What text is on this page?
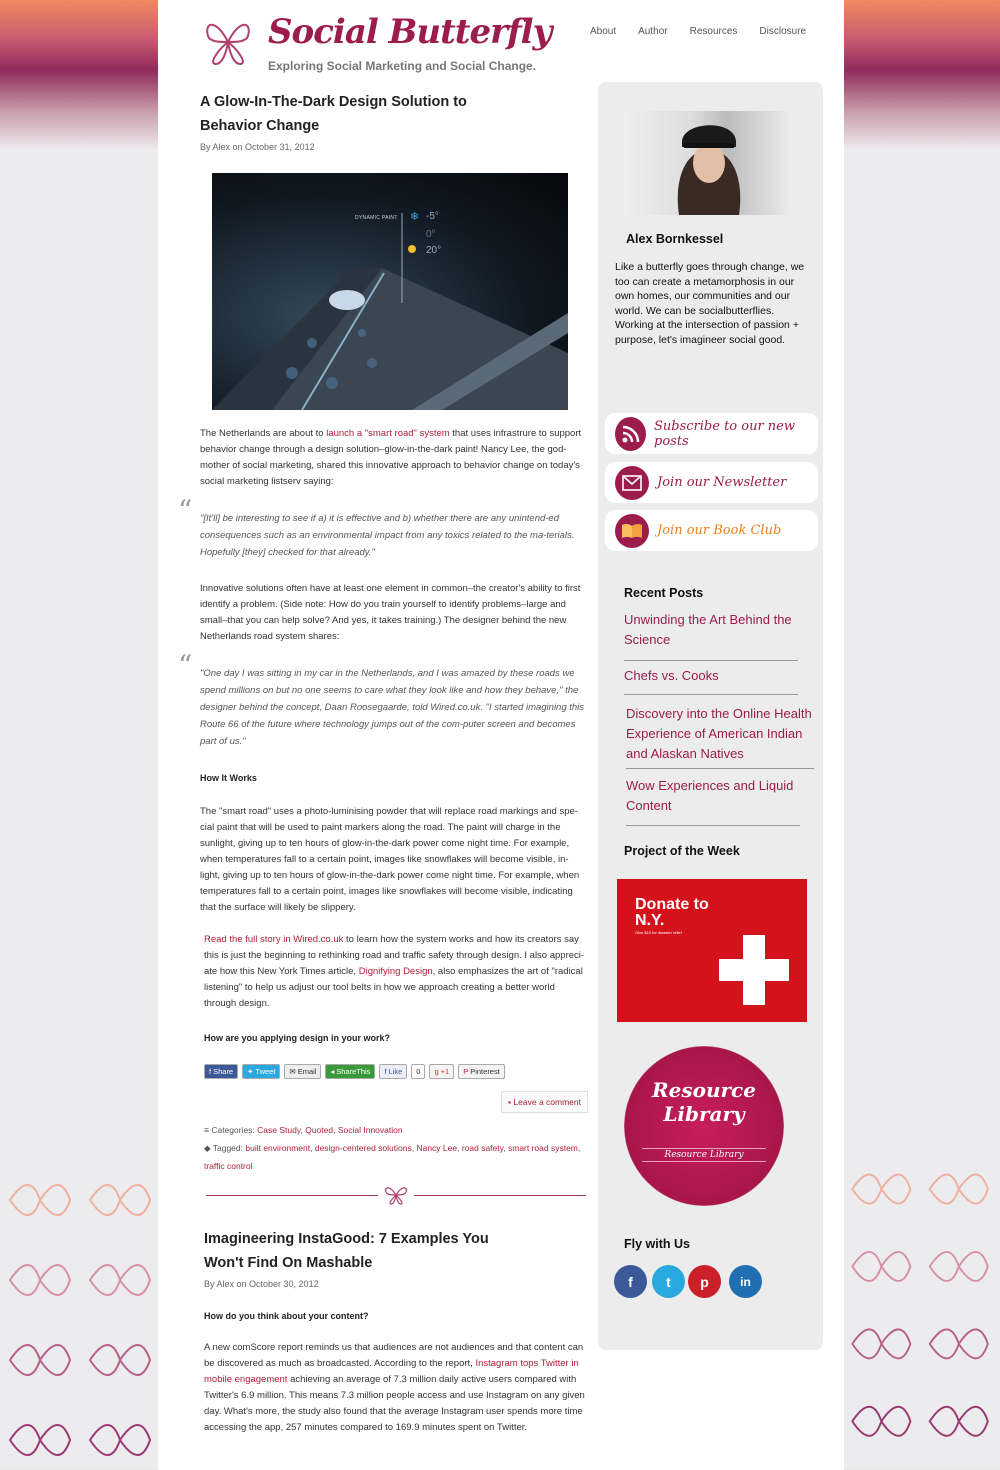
Social Butterfly
Exploring Social Marketing and Social Change.
About Author Resources Disclosure
A Glow-In-The-Dark Design Solution to Behavior Change
By Alex on October 31, 2012
❄
DYNAMIC PAINT	-5°
0°
20°

The Netherlands are about to launch a "smart road" system that uses infrastrure to support behavior change through a design solution–glow-in-the-dark paint! Nancy Lee, the god-mother of social marketing, shared this innovative approach to behavior change on today's social marketing listserv saying:

“ "[It'll] be interesting to see if a) it is effective and b) whether there are any unintend-ed consequences such as an environmental impact from any toxics related to the ma-terials. Hopefully [they] checked for that already."

Innovative solutions often have at least one element in common–the creator's ability to first identify a problem. (Side note: How do you train yourself to identify problems–large and small–that you can help solve? And yes, it takes training.) The designer behind the new Netherlands road system shares:

“ "One day I was sitting in my car in the Netherlands, and I was amazed by these roads we spend millions on but no one seems to care what they look like and how they behave," the designer behind the concept, Daan Roosegaarde, told Wired.co.uk. "I started imagining this Route 66 of the future where technology jumps out of the com-puter screen and becomes part of us."
How It Works

The "smart road" uses a photo-luminising powder that will replace road markings and spe-cial paint that will be used to paint markers along the road. The paint will charge in the sunlight, giving up to ten hours of glow-in-the-dark power come night time. For example, when temperatures fall to a certain point, images like snowflakes will become visible, in-light, giving up to ten hours of glow-in-the-dark power come night time. For example, when temperatures fall to a certain point, images like snowflakes will become visible, indicating that the surface will likely be slippery.

Read the full story in Wired.co.uk to learn how the system works and how its creators say this is just the beginning to rethinking road and traffic safety through design. I also appreci-ate how this New York Times article, Dignifying Design, also emphasizes the art of "radical listening" to help us adjust our tool belts in how we approach creating a better world through design.

How are you applying design in your work?
f Share ✦ Tweet ✉ Email ◂ ShareThis f Like	0	g +1 P Pinterest
▪ Leave a comment
≡ Categories: Case Study, Quoted, Social Innovation
◆ Tagged: built environment, design-centered solutions, Nancy Lee, road safety, smart road system, traffic control
Imagineering InstaGood: 7 Examples You Won't Find On Mashable
By Alex on October 30, 2012
How do you think about your content?

A new comScore report reminds us that audiences are not audiences and that content can be discovered as much as broadcasted. According to the report, Instagram tops Twitter in mobile engagement achieving an average of 7.3 million daily active users compared with Twitter's 6.9 million. This means 7.3 million people access and use Instagram on any given day. What's more, the study also found that the average Instagram user spends more time accessing the app, 257 minutes compared to 169.9 minutes spent on Twitter.

Alex Bornkessel
Like a butterfly goes through change, we too can create a metamorphosis in our own homes, our communities and our world. We can be socialbutterflies. Working at the intersection of passion + purpose, let's imagineer social good.
Subscribe to our new posts
Join our Newsletter
Join our Book Club
Recent Posts
Unwinding the Art Behind the Science
Chefs vs. Cooks
Discovery into the Online Health Experience of American Indian and Alaskan Natives
Wow Experiences and Liquid Content
Project of the Week
Donate to N.Y.
Give $10 for disaster relief
Resource Library
Resource Library
Fly with Us
f	t	p	in
